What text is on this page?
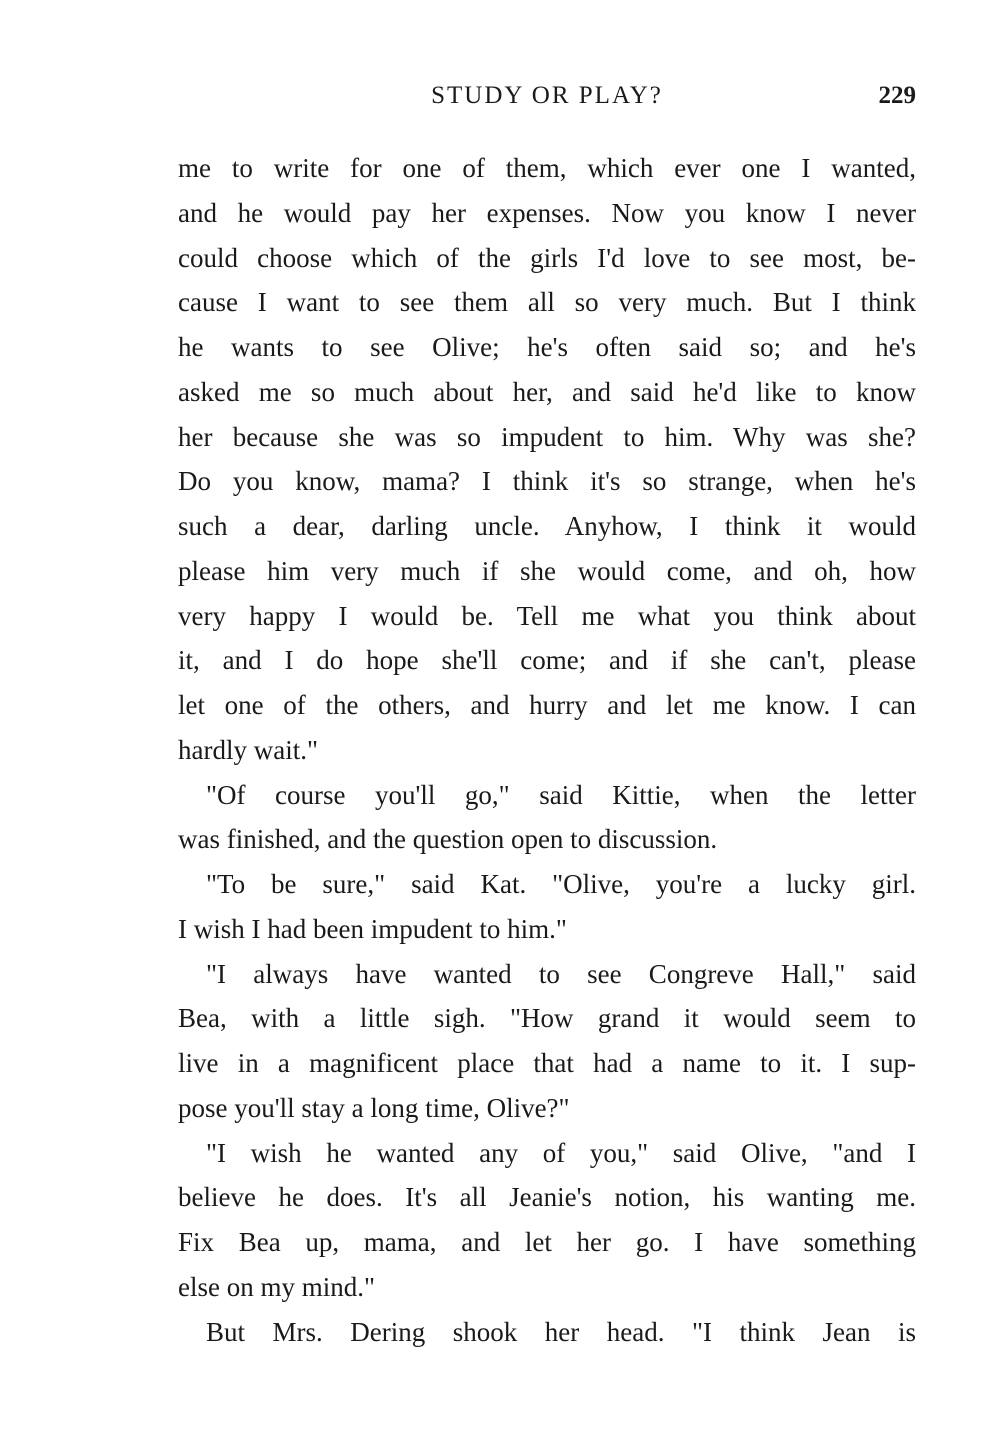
STUDY OR PLAY?	229
me to write for one of them, which ever one I wanted,
and he would pay her expenses. Now you know I never
could choose which of the girls I'd love to see most, be-
cause I want to see them all so very much. But I think
he wants to see Olive; he's often said so; and he's
asked me so much about her, and said he'd like to know
her because she was so impudent to him. Why was she?
Do you know, mama? I think it's so strange, when he's
such a dear, darling uncle. Anyhow, I think it would
please him very much if she would come, and oh, how
very happy I would be. Tell me what you think about
it, and I do hope she'll come; and if she can't, please
let one of the others, and hurry and let me know. I can
hardly wait."
"Of course you'll go," said Kittie, when the letter
was finished, and the question open to discussion.
"To be sure," said Kat. "Olive, you're a lucky girl.
I wish I had been impudent to him."
"I always have wanted to see Congreve Hall," said
Bea, with a little sigh. "How grand it would seem to
live in a magnificent place that had a name to it. I sup-
pose you'll stay a long time, Olive?"
"I wish he wanted any of you," said Olive, "and I
believe he does. It's all Jeanie's notion, his wanting me.
Fix Bea up, mama, and let her go. I have something
else on my mind."
But Mrs. Dering shook her head. "I think Jean is
